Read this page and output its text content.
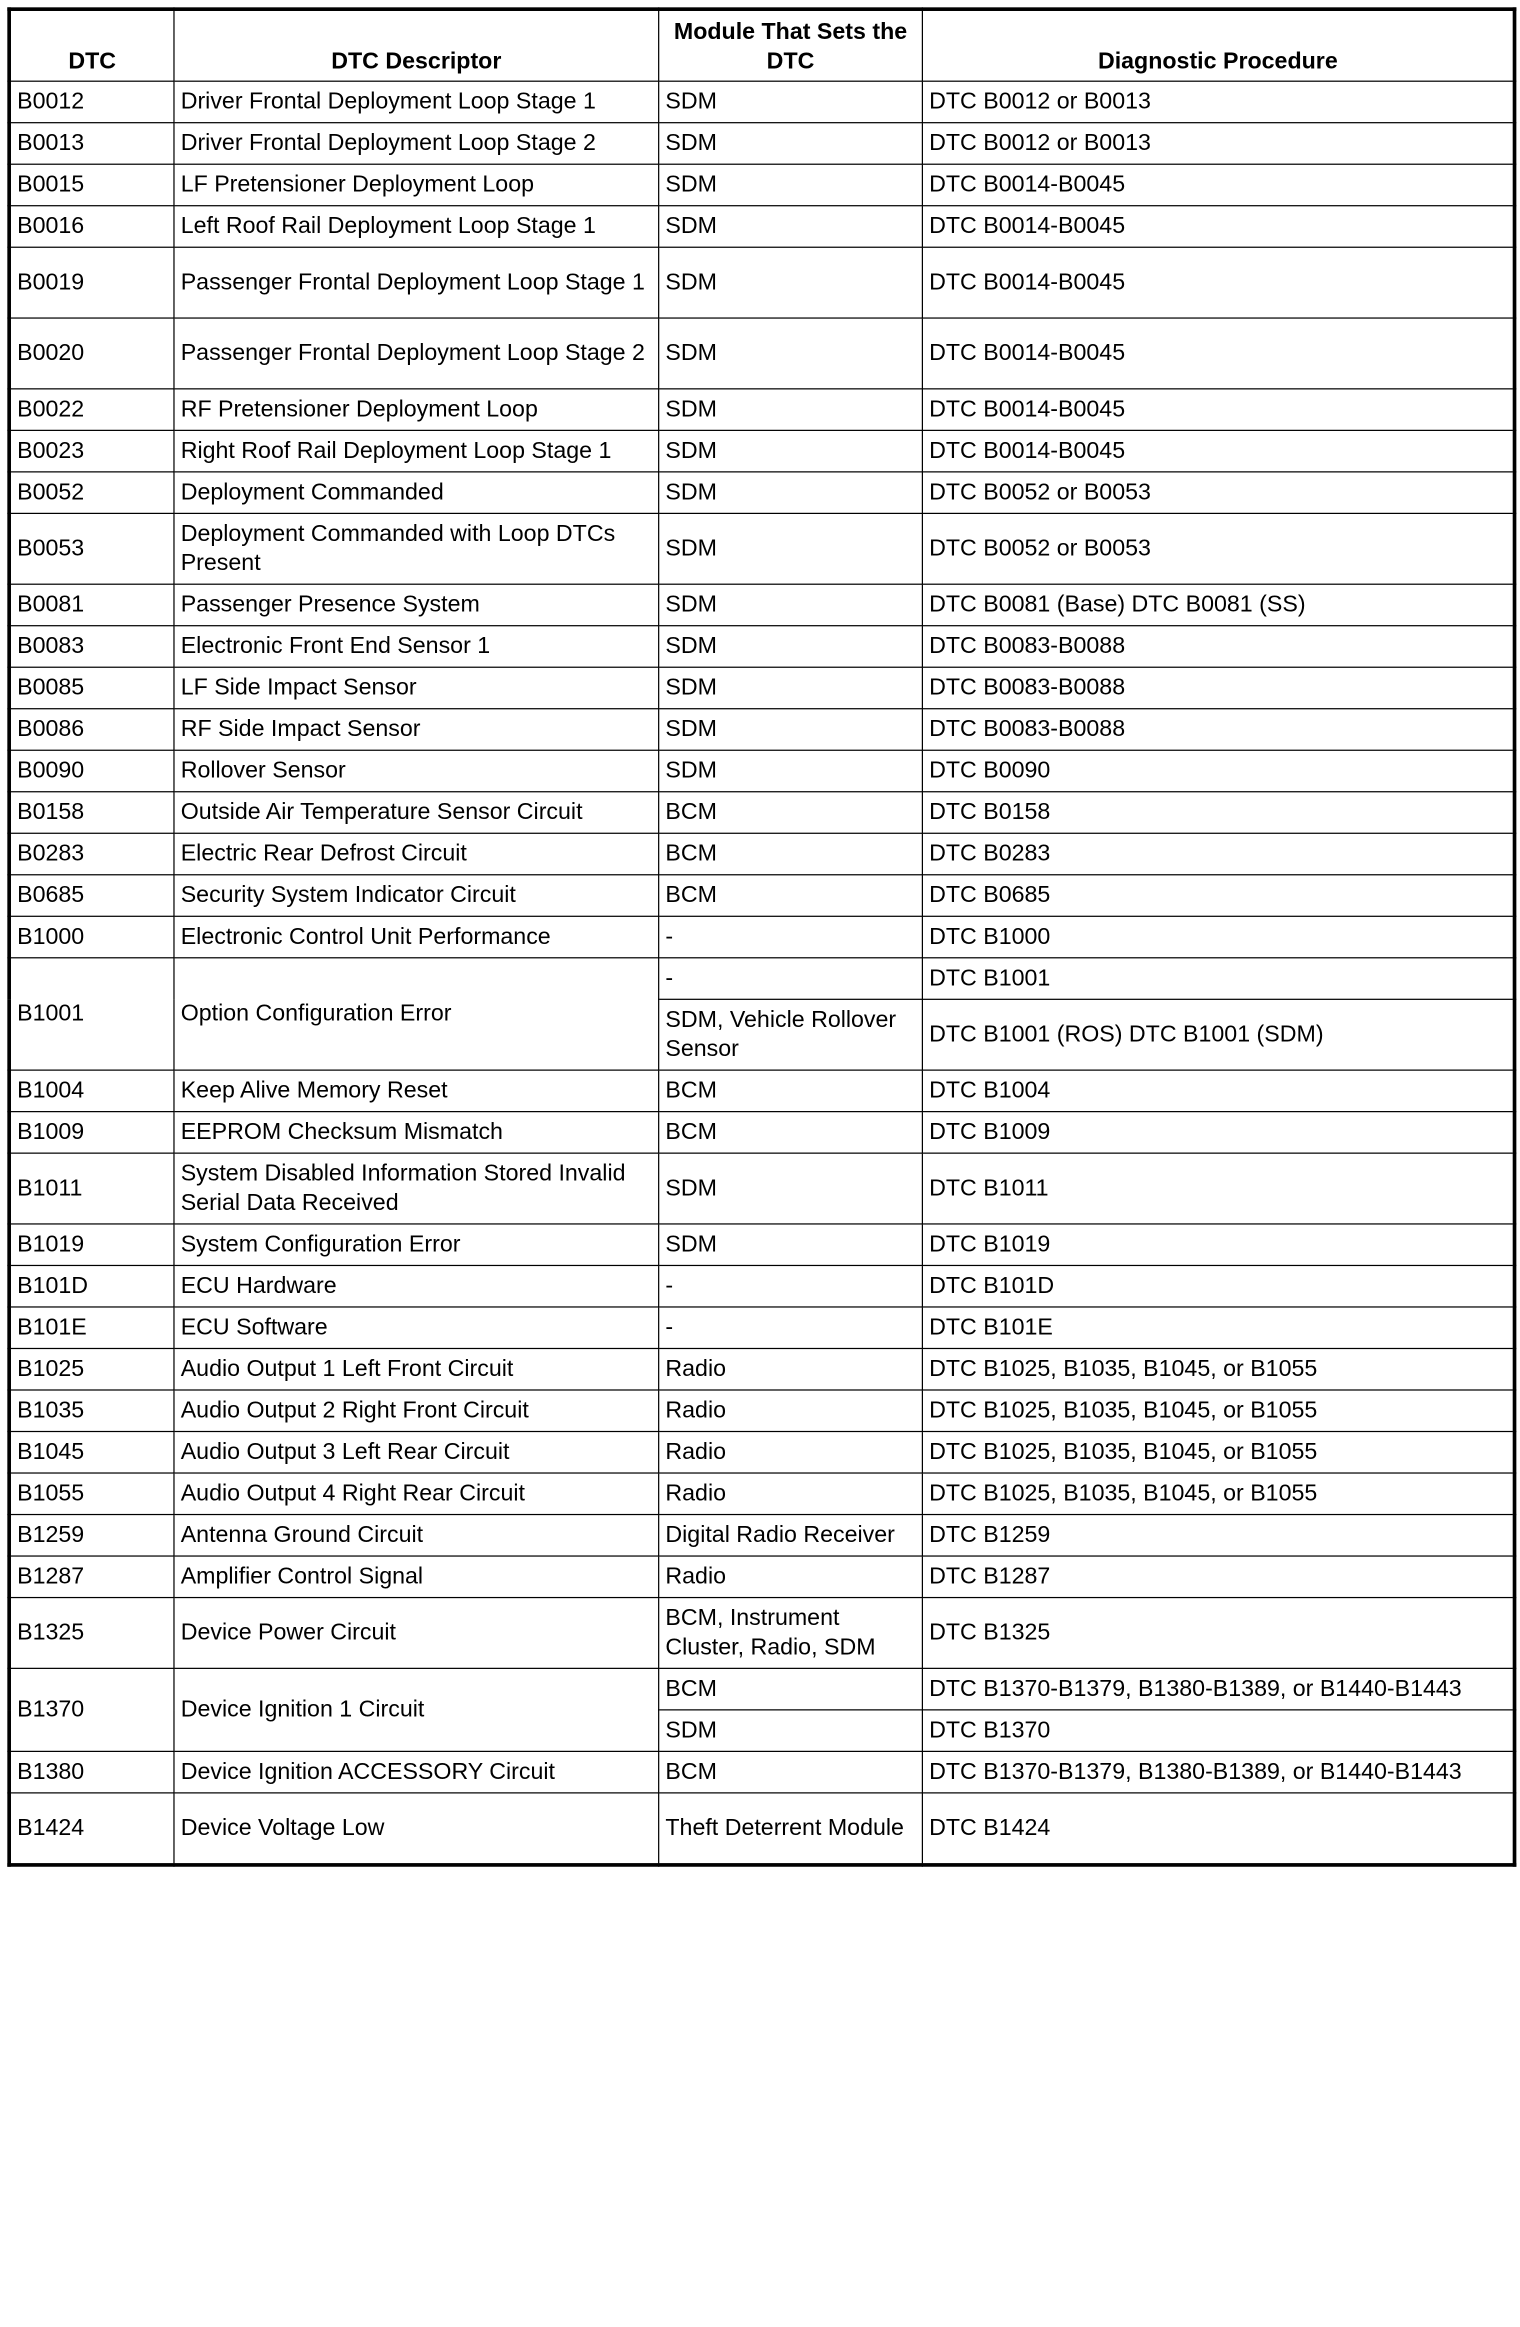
DTC	DTC Descriptor	Module That Sets the DTC	Diagnostic Procedure
B0012	Driver Frontal Deployment Loop Stage 1	SDM	DTC B0012 or B0013
B0013	Driver Frontal Deployment Loop Stage 2	SDM	DTC B0012 or B0013
B0015	LF Pretensioner Deployment Loop	SDM	DTC B0014-B0045
B0016	Left Roof Rail Deployment Loop Stage 1	SDM	DTC B0014-B0045
B0019	Passenger Frontal Deployment Loop Stage 1	SDM	DTC B0014-B0045
B0020	Passenger Frontal Deployment Loop Stage 2	SDM	DTC B0014-B0045
B0022	RF Pretensioner Deployment Loop	SDM	DTC B0014-B0045
B0023	Right Roof Rail Deployment Loop Stage 1	SDM	DTC B0014-B0045
B0052	Deployment Commanded	SDM	DTC B0052 or B0053
B0053	Deployment Commanded with Loop DTCs Present	SDM	DTC B0052 or B0053
B0081	Passenger Presence System	SDM	DTC B0081 (Base) DTC B0081 (SS)
B0083	Electronic Front End Sensor 1	SDM	DTC B0083-B0088
B0085	LF Side Impact Sensor	SDM	DTC B0083-B0088
B0086	RF Side Impact Sensor	SDM	DTC B0083-B0088
B0090	Rollover Sensor	SDM	DTC B0090
B0158	Outside Air Temperature Sensor Circuit	BCM	DTC B0158
B0283	Electric Rear Defrost Circuit	BCM	DTC B0283
B0685	Security System Indicator Circuit	BCM	DTC B0685
B1000	Electronic Control Unit Performance	-	DTC B1000
B1001	Option Configuration Error	-	DTC B1001
		SDM, Vehicle Rollover Sensor	DTC B1001 (ROS) DTC B1001 (SDM)
B1004	Keep Alive Memory Reset	BCM	DTC B1004
B1009	EEPROM Checksum Mismatch	BCM	DTC B1009
B1011	System Disabled Information Stored Invalid Serial Data Received	SDM	DTC B1011
B1019	System Configuration Error	SDM	DTC B1019
B101D	ECU Hardware	-	DTC B101D
B101E	ECU Software	-	DTC B101E
B1025	Audio Output 1 Left Front Circuit	Radio	DTC B1025, B1035, B1045, or B1055
B1035	Audio Output 2 Right Front Circuit	Radio	DTC B1025, B1035, B1045, or B1055
B1045	Audio Output 3 Left Rear Circuit	Radio	DTC B1025, B1035, B1045, or B1055
B1055	Audio Output 4 Right Rear Circuit	Radio	DTC B1025, B1035, B1045, or B1055
B1259	Antenna Ground Circuit	Digital Radio Receiver	DTC B1259
B1287	Amplifier Control Signal	Radio	DTC B1287
B1325	Device Power Circuit	BCM, Instrument Cluster, Radio, SDM	DTC B1325
B1370	Device Ignition 1 Circuit	BCM	DTC B1370-B1379, B1380-B1389, or B1440-B1443
		SDM	DTC B1370
B1380	Device Ignition ACCESSORY Circuit	BCM	DTC B1370-B1379, B1380-B1389, or B1440-B1443
B1424	Device Voltage Low	Theft Deterrent Module	DTC B1424
